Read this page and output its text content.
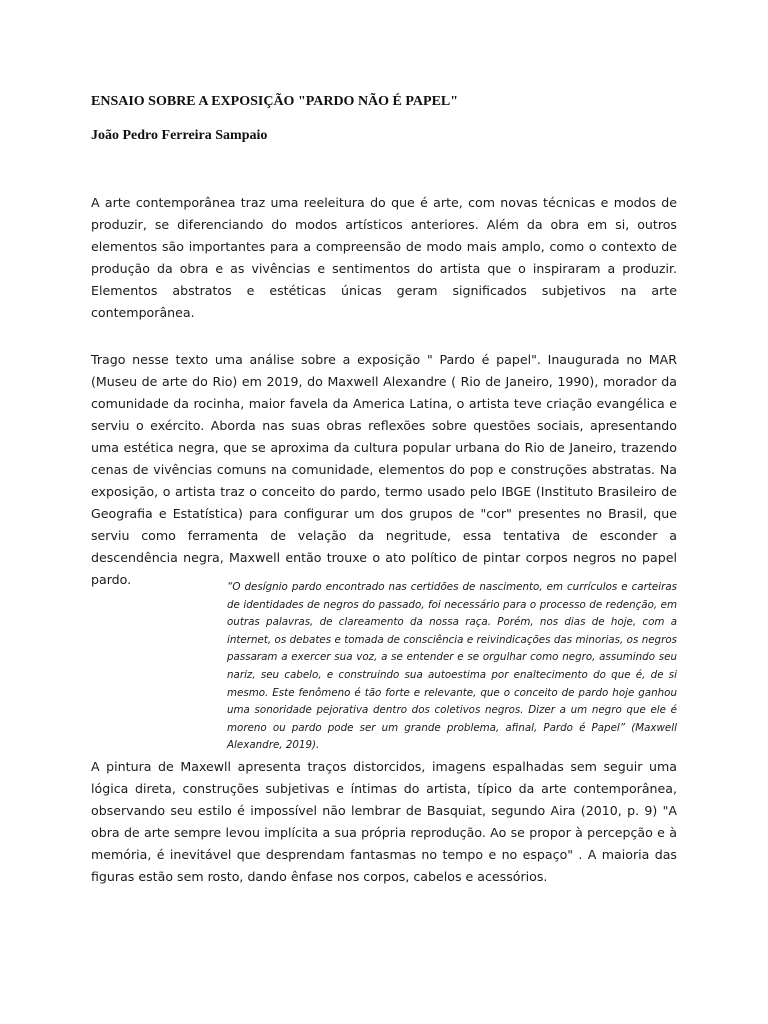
ENSAIO SOBRE A EXPOSIÇÃO "PARDO NÃO É PAPEL"
João Pedro Ferreira Sampaio

A arte contemporânea traz uma reeleitura do que é arte, com novas técnicas e modos de produzir, se diferenciando do modos artísticos anteriores. Além da obra em si, outros elementos são importantes para a compreensão de modo mais amplo, como o contexto de produção da obra e as vivências e sentimentos do artista que o inspiraram a produzir. Elementos abstratos e estéticas únicas geram significados subjetivos na arte contemporânea.

Trago nesse texto uma análise sobre a exposição " Pardo é papel". Inaugurada no MAR (Museu de arte do Rio) em 2019, do Maxwell Alexandre ( Rio de Janeiro, 1990), morador da comunidade da rocinha, maior favela da America Latina, o artista teve criação evangélica e serviu o exército. Aborda nas suas obras reflexões sobre questões sociais, apresentando uma estética negra, que se aproxima da cultura popular urbana do Rio de Janeiro, trazendo cenas de vivências comuns na comunidade, elementos do pop e construções abstratas. Na exposição, o artista traz o conceito do pardo, termo usado pelo IBGE (Instituto Brasileiro de Geografia e Estatística) para configurar um dos grupos de "cor" presentes no Brasil, que serviu como ferramenta de velação da negritude, essa tentativa de esconder a descendência negra, Maxwell então trouxe o ato político de pintar corpos negros no papel pardo.	“O desígnio pardo encontrado nas certidões de nascimento, em currículos e carteiras de identidades de negros do passado, foi necessário para o processo de redenção, em outras palavras, de clareamento da nossa raça. Porém, nos dias de hoje, com a internet, os debates e tomada de consciência e reivindicações das minorias, os negros passaram a exercer sua voz, a se entender e se orgulhar como negro, assumindo seu nariz, seu cabelo, e construindo sua autoestima por enaltecimento do que é, de si mesmo. Este fenômeno é tão forte e relevante, que o conceito de pardo hoje ganhou uma sonoridade pejorativa dentro dos coletivos negros. Dizer a um negro que ele é moreno ou pardo pode ser um grande problema, afinal, Pardo é Papel” (Maxwell Alexandre, 2019).

A pintura de Maxewll apresenta traços distorcidos, imagens espalhadas sem seguir uma lógica direta, construções subjetivas e íntimas do artista, típico da arte contemporânea, observando seu estilo é impossível não lembrar de Basquiat, segundo Aira (2010, p. 9) "A obra de arte sempre levou implícita a sua própria reprodução. Ao se propor à percepção e à memória, é inevitável que desprendam fantasmas no tempo e no espaço" . A maioria das figuras estão sem rosto, dando ênfase nos corpos, cabelos e acessórios.
